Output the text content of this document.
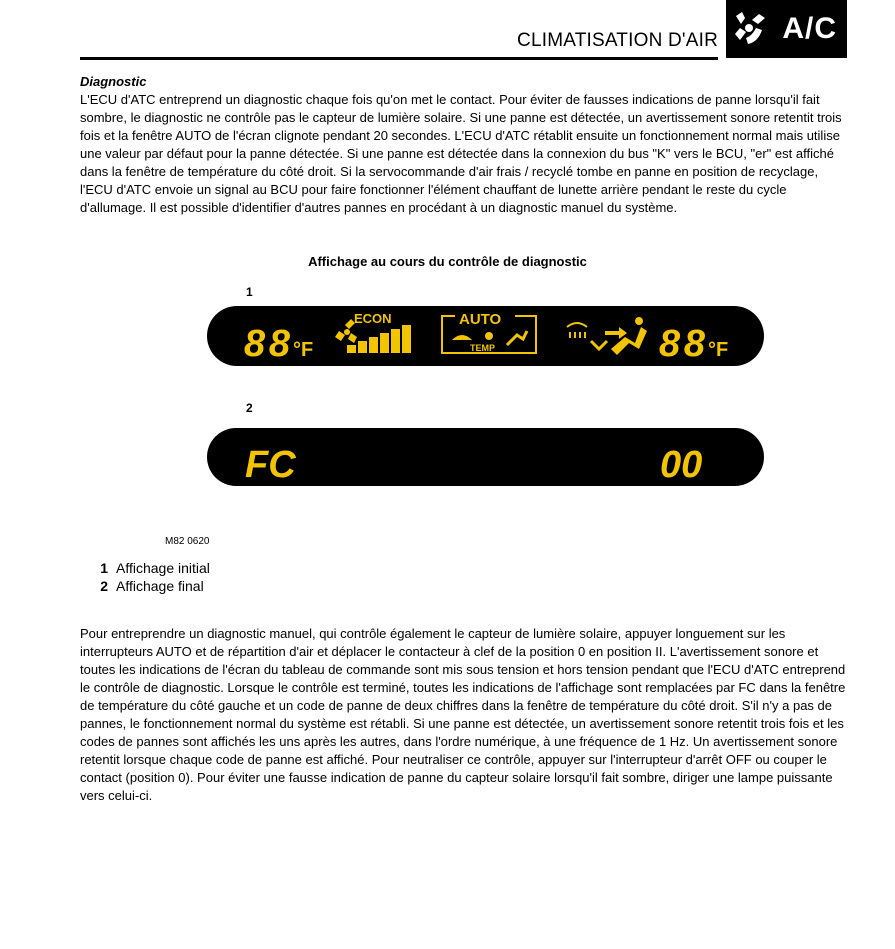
CLIMATISATION D'AIR A/C
Diagnostic

L'ECU d'ATC entreprend un diagnostic chaque fois qu'on met le contact. Pour éviter de fausses indications de panne lorsqu'il fait sombre, le diagnostic ne contrôle pas le capteur de lumière solaire. Si une panne est détectée, un avertissement sonore retentit trois fois et la fenêtre AUTO de l'écran clignote pendant 20 secondes. L'ECU d'ATC rétablit ensuite un fonctionnement normal mais utilise une valeur par défaut pour la panne détectée. Si une panne est détectée dans la connexion du bus "K" vers le BCU, "er" est affiché dans la fenêtre de température du côté droit. Si la servocommande d'air frais / recyclé tombe en panne en position de recyclage, l'ECU d'ATC envoie un signal au BCU pour faire fonctionner l'élément chauffant de lunette arrière pendant le reste du cycle d'allumage. Il est possible d'identifier d'autres pannes en procédant à un diagnostic manuel du système.

Affichage au cours du contrôle de diagnostic
1
88 °F
ECON	AUTO
TEMP	88 °F
2
FC	00
M82 0620
1 Affichage initial
2 Affichage final

Pour entreprendre un diagnostic manuel, qui contrôle également le capteur de lumière solaire, appuyer longuement sur les interrupteurs AUTO et de répartition d'air et déplacer le contacteur à clef de la position 0 en position II. L'avertissement sonore et toutes les indications de l'écran du tableau de commande sont mis sous tension et hors tension pendant que l'ECU d'ATC entreprend le contrôle de diagnostic. Lorsque le contrôle est terminé, toutes les indications de l'affichage sont remplacées par FC dans la fenêtre de température du côté gauche et un code de panne de deux chiffres dans la fenêtre de température du côté droit. S'il n'y a pas de pannes, le fonctionnement normal du système est rétabli. Si une panne est détectée, un avertissement sonore retentit trois fois et les codes de pannes sont affichés les uns après les autres, dans l'ordre numérique, à une fréquence de 1 Hz. Un avertissement sonore retentit lorsque chaque code de panne est affiché. Pour neutraliser ce contrôle, appuyer sur l'interrupteur d'arrêt OFF ou couper le contact (position 0). Pour éviter une fausse indication de panne du capteur solaire lorsqu'il fait sombre, diriger une lampe puissante vers celui-ci.
